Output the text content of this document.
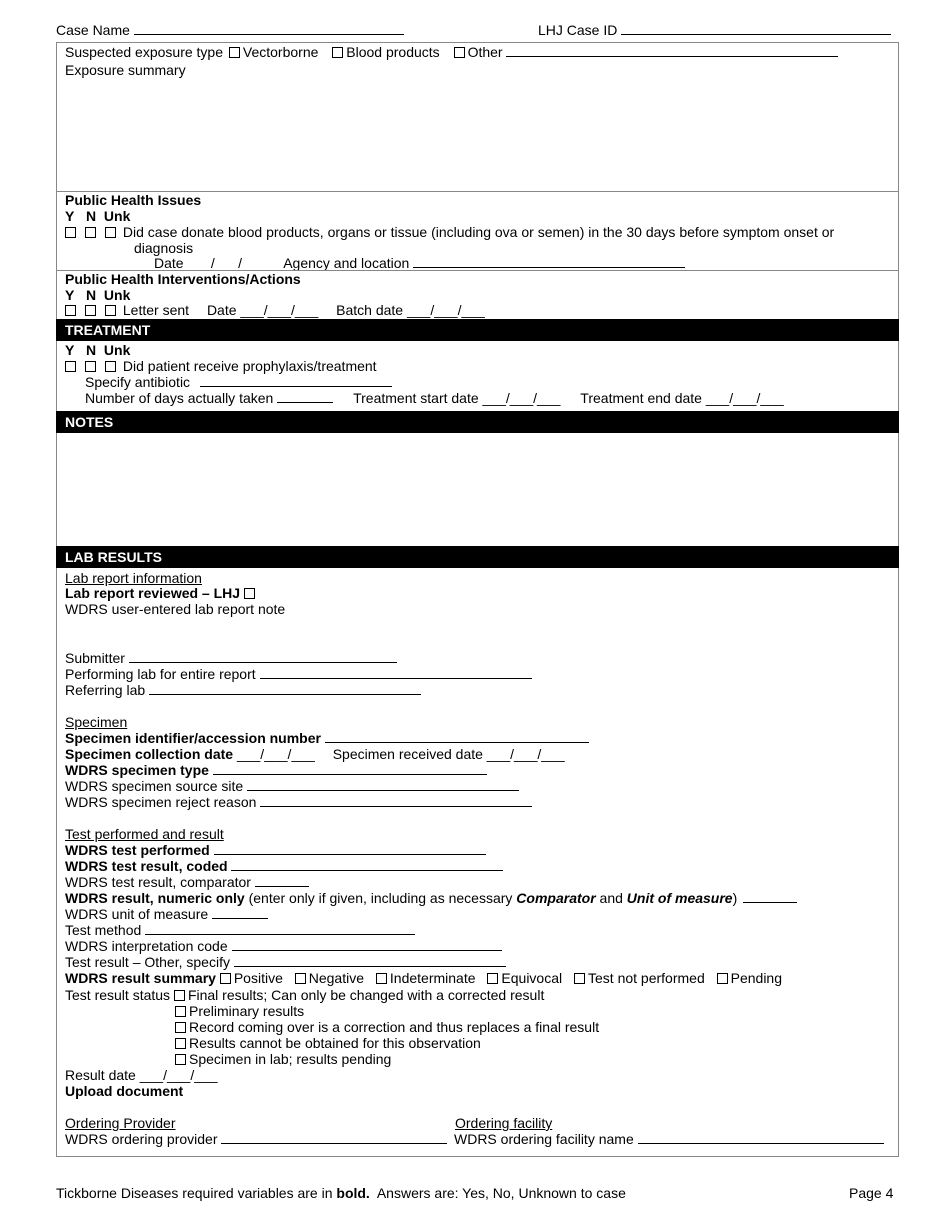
Case Name	LHJ Case ID
Suspected exposure type Vectorborne Blood products Other
Exposure summary
Public Health Issues
Y N Unk
Did case donate blood products, organs or tissue (including ova or semen) in the 30 days before symptom onset or
diagnosis
Date ___/___/___ Agency and location
Public Health Interventions/Actions
Y N Unk
Letter sent Date ___/___/___ Batch date ___/___/___
TREATMENT
Y N Unk
Did patient receive prophylaxis/treatment
Specify antibiotic
Number of days actually taken	Treatment start date ___/___/___ Treatment end date ___/___/___
NOTES
LAB RESULTS
Lab report information
Lab report reviewed – LHJ
WDRS user-entered lab report note
Submitter
Performing lab for entire report
Referring lab
Specimen
Specimen identifier/accession number
Specimen collection date ___/___/___ Specimen received date ___/___/___
WDRS specimen type
WDRS specimen source site
WDRS specimen reject reason
Test performed and result
WDRS test performed
WDRS test result, coded
WDRS test result, comparator
WDRS result, numeric only (enter only if given, including as necessary Comparator and Unit of measure)
WDRS unit of measure
Test method
WDRS interpretation code
Test result – Other, specify
WDRS result summary Positive Negative Indeterminate Equivocal Test not performed Pending
Test result status Final results; Can only be changed with a corrected result
Preliminary results
Record coming over is a correction and thus replaces a final result
Results cannot be obtained for this observation
Specimen in lab; results pending
Result date ___/___/___
Upload document
Ordering Provider	Ordering facility
WDRS ordering provider	WDRS ordering facility name
Tickborne Diseases required variables are in bold.  Answers are: Yes, No, Unknown to case	Page 4
